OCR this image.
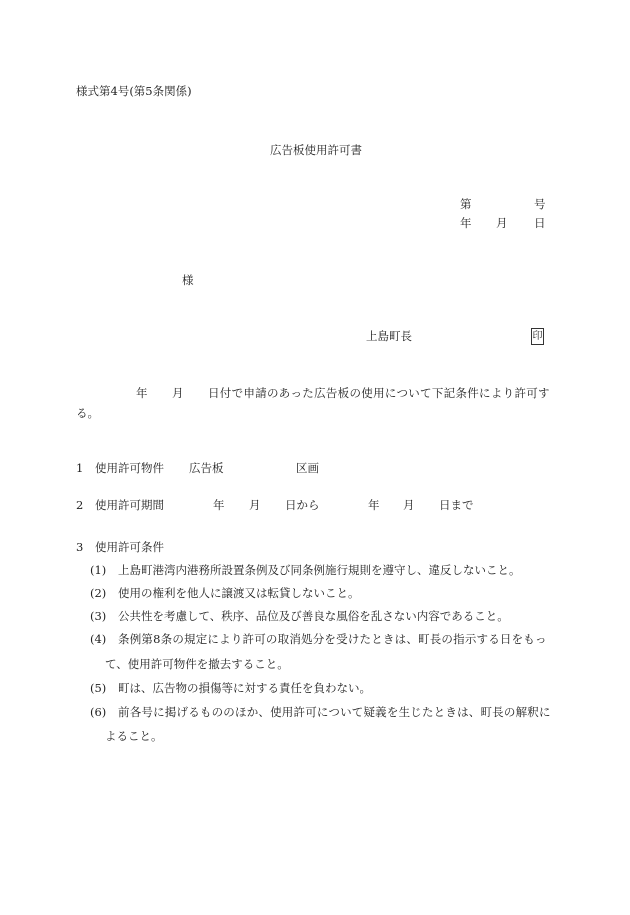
様式第4号(第5条関係)
広告板使用許可書
第	号
年 月 日
様
上島町長	印
年 月 日付で申請のあった広告板の使用について下記条件により許可す
る。
1 使用許可物件 広告板	区画
2 使用許可期間	年 月 日から	年 月 日まで
3 使用許可条件
(1) 上島町港湾内港務所設置条例及び同条例施行規則を遵守し、違反しないこと。
(2) 使用の権利を他人に譲渡又は転貸しないこと。
(3) 公共性を考慮して、秩序、品位及び善良な風俗を乱さない内容であること。
(4) 条例第8条の規定により許可の取消処分を受けたときは、町長の指示する日をもっ
て、使用許可物件を撤去すること。
(5) 町は、広告物の損傷等に対する責任を負わない。
(6) 前各号に掲げるもののほか、使用許可について疑義を生じたときは、町長の解釈に
よること。
